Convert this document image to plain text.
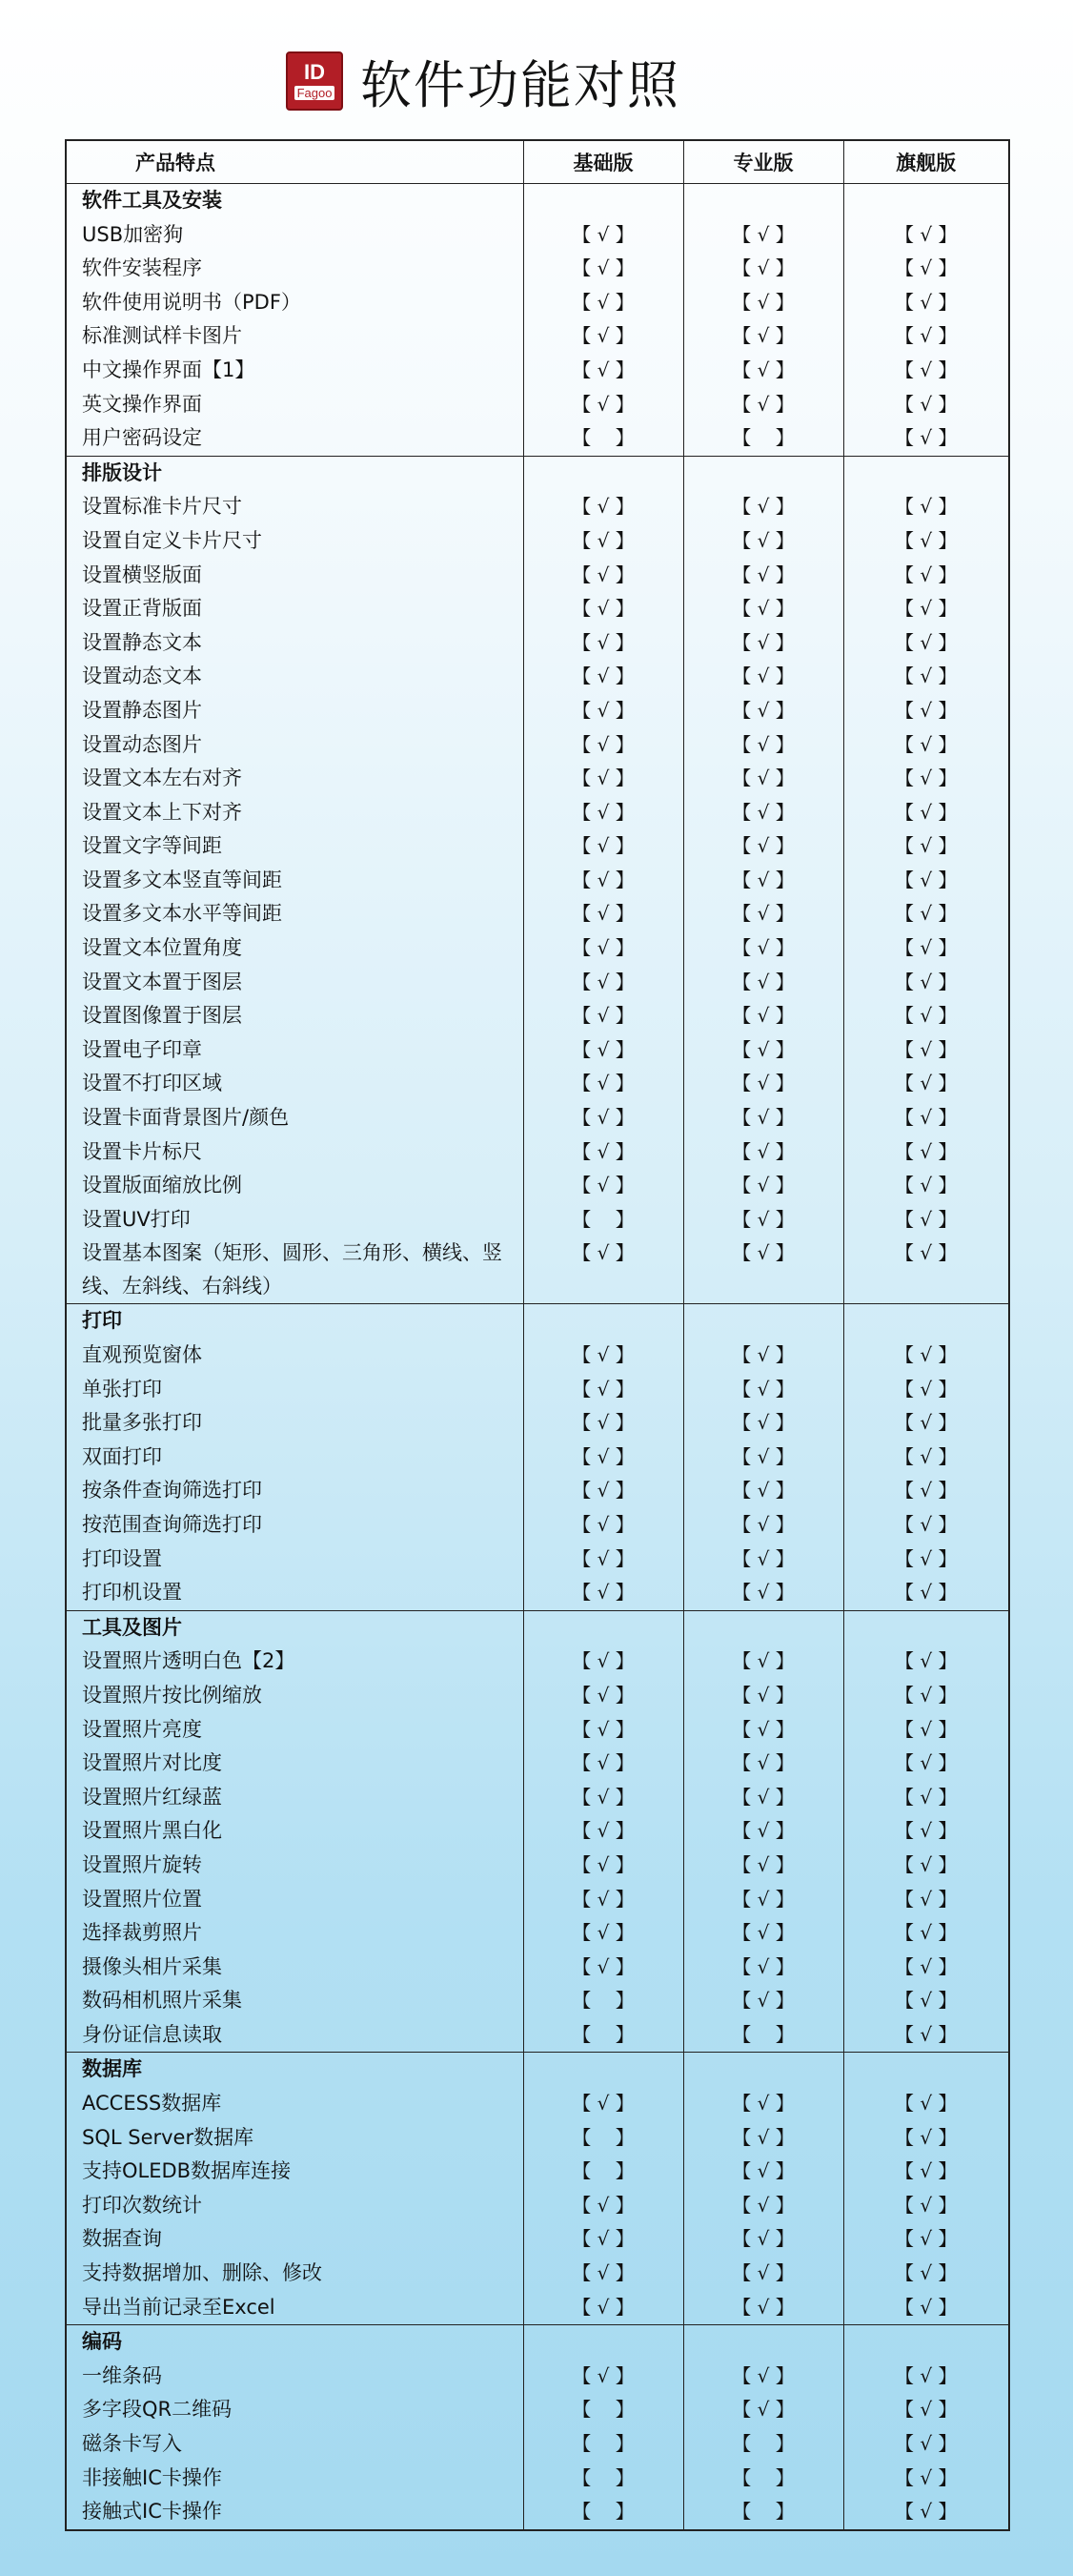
ID
Fagoo 软件功能对照
产品特点	基础版	专业版	旗舰版
软件工具及安装			
USB加密狗	【 √ 】	【 √ 】	【 √ 】
软件安装程序	【 √ 】	【 √ 】	【 √ 】
软件使用说明书（PDF）	【 √ 】	【 √ 】	【 √ 】
标准测试样卡图片	【 √ 】	【 √ 】	【 √ 】
中文操作界面【1】	【 √ 】	【 √ 】	【 √ 】
英文操作界面	【 √ 】	【 √ 】	【 √ 】
用户密码设定	【    】	【    】	【 √ 】
排版设计			
设置标准卡片尺寸	【 √ 】	【 √ 】	【 √ 】
设置自定义卡片尺寸	【 √ 】	【 √ 】	【 √ 】
设置横竖版面	【 √ 】	【 √ 】	【 √ 】
设置正背版面	【 √ 】	【 √ 】	【 √ 】
设置静态文本	【 √ 】	【 √ 】	【 √ 】
设置动态文本	【 √ 】	【 √ 】	【 √ 】
设置静态图片	【 √ 】	【 √ 】	【 √ 】
设置动态图片	【 √ 】	【 √ 】	【 √ 】
设置文本左右对齐	【 √ 】	【 √ 】	【 √ 】
设置文本上下对齐	【 √ 】	【 √ 】	【 √ 】
设置文字等间距	【 √ 】	【 √ 】	【 √ 】
设置多文本竖直等间距	【 √ 】	【 √ 】	【 √ 】
设置多文本水平等间距	【 √ 】	【 √ 】	【 √ 】
设置文本位置角度	【 √ 】	【 √ 】	【 √ 】
设置文本置于图层	【 √ 】	【 √ 】	【 √ 】
设置图像置于图层	【 √ 】	【 √ 】	【 √ 】
设置电子印章	【 √ 】	【 √ 】	【 √ 】
设置不打印区域	【 √ 】	【 √ 】	【 √ 】
设置卡面背景图片/颜色	【 √ 】	【 √ 】	【 √ 】
设置卡片标尺	【 √ 】	【 √ 】	【 √ 】
设置版面缩放比例	【 √ 】	【 √ 】	【 √ 】
设置UV打印	【    】	【 √ 】	【 √ 】
设置基本图案（矩形、圆形、三角形、横线、竖线、左斜线、右斜线）	【 √ 】	【 √ 】	【 √ 】
打印			
直观预览窗体	【 √ 】	【 √ 】	【 √ 】
单张打印	【 √ 】	【 √ 】	【 √ 】
批量多张打印	【 √ 】	【 √ 】	【 √ 】
双面打印	【 √ 】	【 √ 】	【 √ 】
按条件查询筛选打印	【 √ 】	【 √ 】	【 √ 】
按范围查询筛选打印	【 √ 】	【 √ 】	【 √ 】
打印设置	【 √ 】	【 √ 】	【 √ 】
打印机设置	【 √ 】	【 √ 】	【 √ 】
工具及图片			
设置照片透明白色【2】	【 √ 】	【 √ 】	【 √ 】
设置照片按比例缩放	【 √ 】	【 √ 】	【 √ 】
设置照片亮度	【 √ 】	【 √ 】	【 √ 】
设置照片对比度	【 √ 】	【 √ 】	【 √ 】
设置照片红绿蓝	【 √ 】	【 √ 】	【 √ 】
设置照片黑白化	【 √ 】	【 √ 】	【 √ 】
设置照片旋转	【 √ 】	【 √ 】	【 √ 】
设置照片位置	【 √ 】	【 √ 】	【 √ 】
选择裁剪照片	【 √ 】	【 √ 】	【 √ 】
摄像头相片采集	【 √ 】	【 √ 】	【 √ 】
数码相机照片采集	【    】	【 √ 】	【 √ 】
身份证信息读取	【    】	【    】	【 √ 】
数据库			
ACCESS数据库	【 √ 】	【 √ 】	【 √ 】
SQL Server数据库	【    】	【 √ 】	【 √ 】
支持OLEDB数据库连接	【    】	【 √ 】	【 √ 】
打印次数统计	【 √ 】	【 √ 】	【 √ 】
数据查询	【 √ 】	【 √ 】	【 √ 】
支持数据增加、删除、修改	【 √ 】	【 √ 】	【 √ 】
导出当前记录至Excel	【 √ 】	【 √ 】	【 √ 】
编码			
一维条码	【 √ 】	【 √ 】	【 √ 】
多字段QR二维码	【    】	【 √ 】	【 √ 】
磁条卡写入	【    】	【    】	【 √ 】
非接触IC卡操作	【    】	【    】	【 √ 】
接触式IC卡操作	【    】	【    】	【 √ 】
